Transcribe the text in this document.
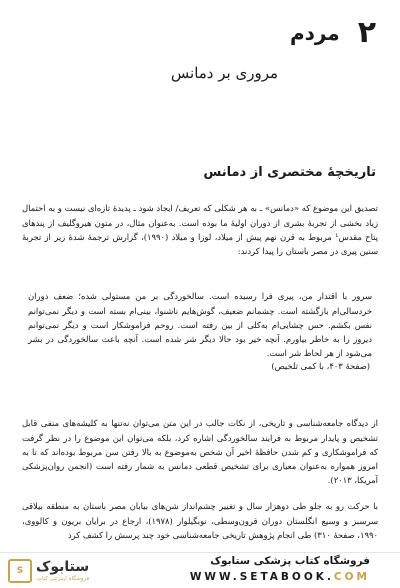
۲
مردم
مروری بر دمانس
تاریخچهٔ مختصری از دمانس

تصدیق این موضوع که «دمانس» ـ به هر شکلی که تعریف/ ایجاد شود ـ پدیدهٔ تازه‌ای نیست و به احتمال زیاد بخشی از تجربهٔ بشری از دوران اولیهٔ ما بوده است. به‌عنوان مثال، در متون هیروگلیف از پندهای پتاح مقدس¹ مربوط به قرن نهم پیش از میلاد، لوزا و میلاد (۱۹۹۰)، گزارش ترجمهٔ شدهٔ زیر از تجربهٔ سنین پیری در مصر باستان را پیدا کردند:

سرور با اقتدار من، پیری فرا رسیده است. سالخوردگی بر من مستولی شده؛ ضعف دوران خردسالی‌ام بازگشته است. چشمانم ضعیف، گوش‌هایم ناشنوا، بینی‌ام بسته است و دیگر نمی‌توانم نفس بکشم. حس چشایی‌ام به‌کلی از بین رفته است. روحم فراموشکار است و دیگر نمی‌توانم دیروز را به خاطر بیاورم. آنچه خیر بود حالا دیگر شر شده است. آنچه باعث سالخوردگی در بشر می‌شود از هر لحاظ شر است.

(صفحهٔ ۴۰۳، با کمی تلخیص)

از دیدگاه جامعه‌شناسی و تاریخی، از نکات جالب در این متن می‌توان نه‌تنها به کلیشه‌های منفی قابل تشخیص و پایدار مربوط به فرایند سالخوردگی اشاره کرد، بلکه می‌توان این موضوع را در نظر گرفت که فراموشکاری و کم شدن حافظهٔ اخیر آن شخص به‌موضوع به بالا رفتن سن مربوط بوده‌اند که تا به امروز همواره به‌عنوان معیاری برای تشخیص قطعی دمانس به شمار رفته است (انجمن روان‌پزشکی آمریکا، ۲۰۱۳).

با حرکت رو به جلو طی دوهزار سال و تغییر چشم‌انداز شن‌های بیابان مصر باستان به منطقه بیلاقی سرسبز و وسیع انگلستان دوران قرون‌وسطی، نوبگیلوار (۱۹۷۸)، ارجاع در برایان بریون و کالووی، ۱۹۹۰، صفحهٔ ۳۱۰) طی انجام پژوهش تاریخی جامعه‌شناسی خود چند پرسش را کشف کرد

S ستابوک
فروشگاه اینترنتی کتاب
فروشگاه کتاب پزشکی ستابوک
WWW.SETABOOK.COM
